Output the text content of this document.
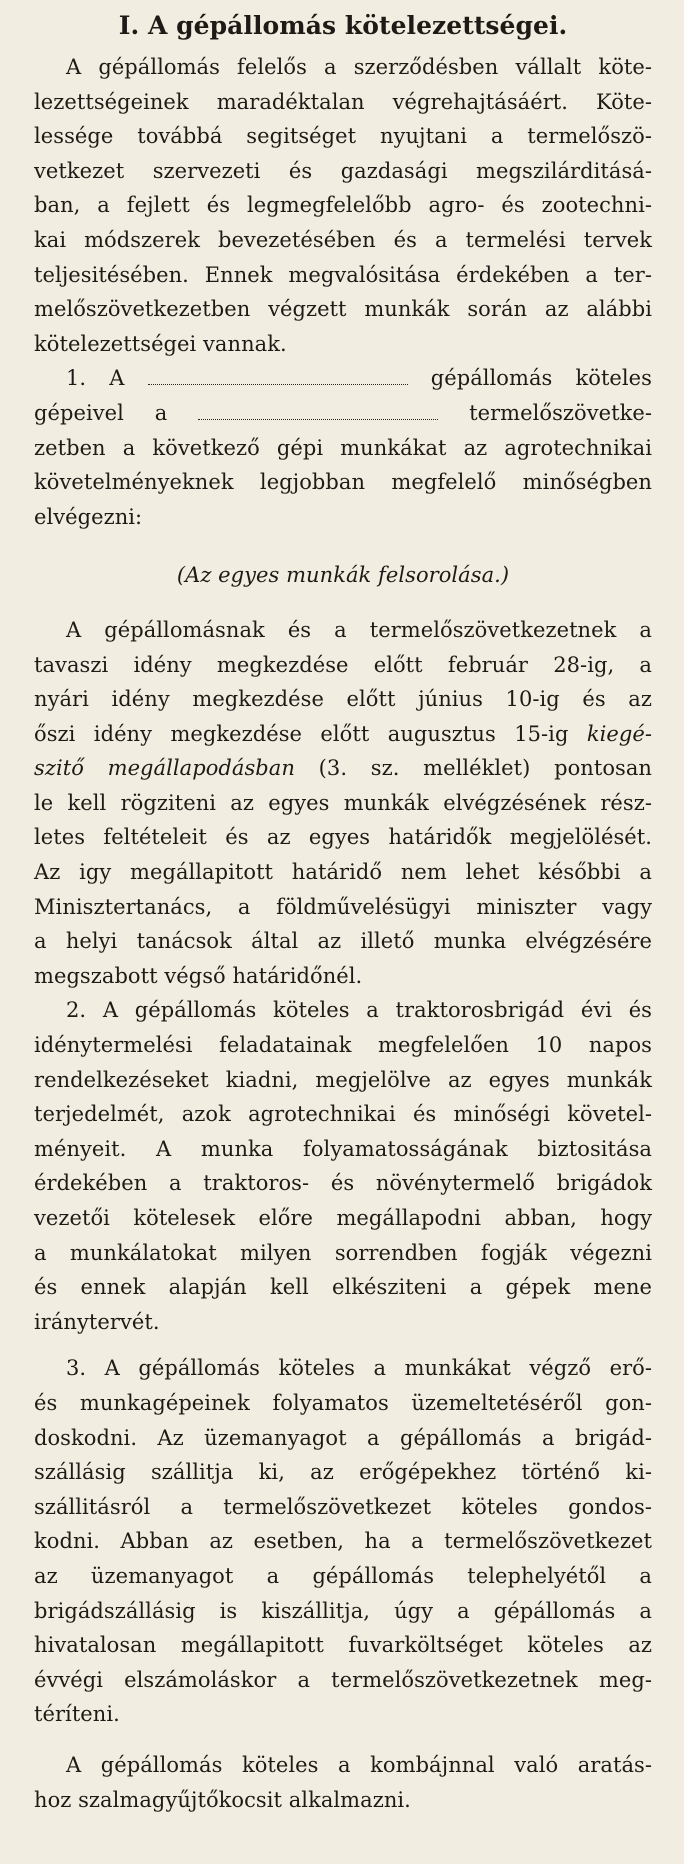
I. A gépállomás kötelezettségei.
A gépállomás felelős a szerződésben vállalt köte-
lezettségeinek maradéktalan végrehajtásáért. Köte-
lessége továbbá segitséget nyujtani a termelőszö-
vetkezet szervezeti és gazdasági megszilárditásá-
ban, a fejlett és legmegfelelőbb agro- és zootechni-
kai módszerek bevezetésében és a termelési tervek
teljesitésében. Ennek megvalósitása érdekében a ter-
melőszövetkezetben végzett munkák során az alábbi
kötelezettségei vannak.
1. A	gépállomás köteles
gépeivel a	termelőszövetke-
zetben a következő gépi munkákat az agrotechnikai
követelményeknek legjobban megfelelő minőségben
elvégezni:
(Az egyes munkák felsorolása.)
A gépállomásnak és a termelőszövetkezetnek a
tavaszi idény megkezdése előtt február 28-ig, a
nyári idény megkezdése előtt június 10-ig és az
őszi idény megkezdése előtt augusztus 15-ig kiegé-
szitő megállapodásban (3. sz. melléklet) pontosan
le kell rögziteni az egyes munkák elvégzésének rész-
letes feltételeit és az egyes határidők megjelölését.
Az igy megállapitott határidő nem lehet későbbi a
Minisztertanács, a földművelésügyi miniszter vagy
a helyi tanácsok által az illető munka elvégzésére
megszabott végső határidőnél.
2. A gépállomás köteles a traktorosbrigád évi és
idénytermelési feladatainak megfelelően 10 napos
rendelkezéseket kiadni, megjelölve az egyes munkák
terjedelmét, azok agrotechnikai és minőségi követel-
ményeit. A munka folyamatosságának biztositása
érdekében a traktoros- és növénytermelő brigádok
vezetői kötelesek előre megállapodni abban, hogy
a munkálatokat milyen sorrendben fogják végezni
és ennek alapján kell elkésziteni a gépek mene
iránytervét.
3. A gépállomás köteles a munkákat végző erő-
és munkagépeinek folyamatos üzemeltetéséről gon-
doskodni. Az üzemanyagot a gépállomás a brigád-
szállásig szállitja ki, az erőgépekhez történő ki-
szállitásról a termelőszövetkezet köteles gondos-
kodni. Abban az esetben, ha a termelőszövetkezet
az üzemanyagot a gépállomás telephelyétől a
brigádszállásig is kiszállitja, úgy a gépállomás a
hivatalosan megállapitott fuvarköltséget köteles az
évvégi elszámoláskor a termelőszövetkezetnek meg-
téríteni.
A gépállomás köteles a kombájnnal való aratás-
hoz szalmagyűjtőkocsit alkalmazni.
